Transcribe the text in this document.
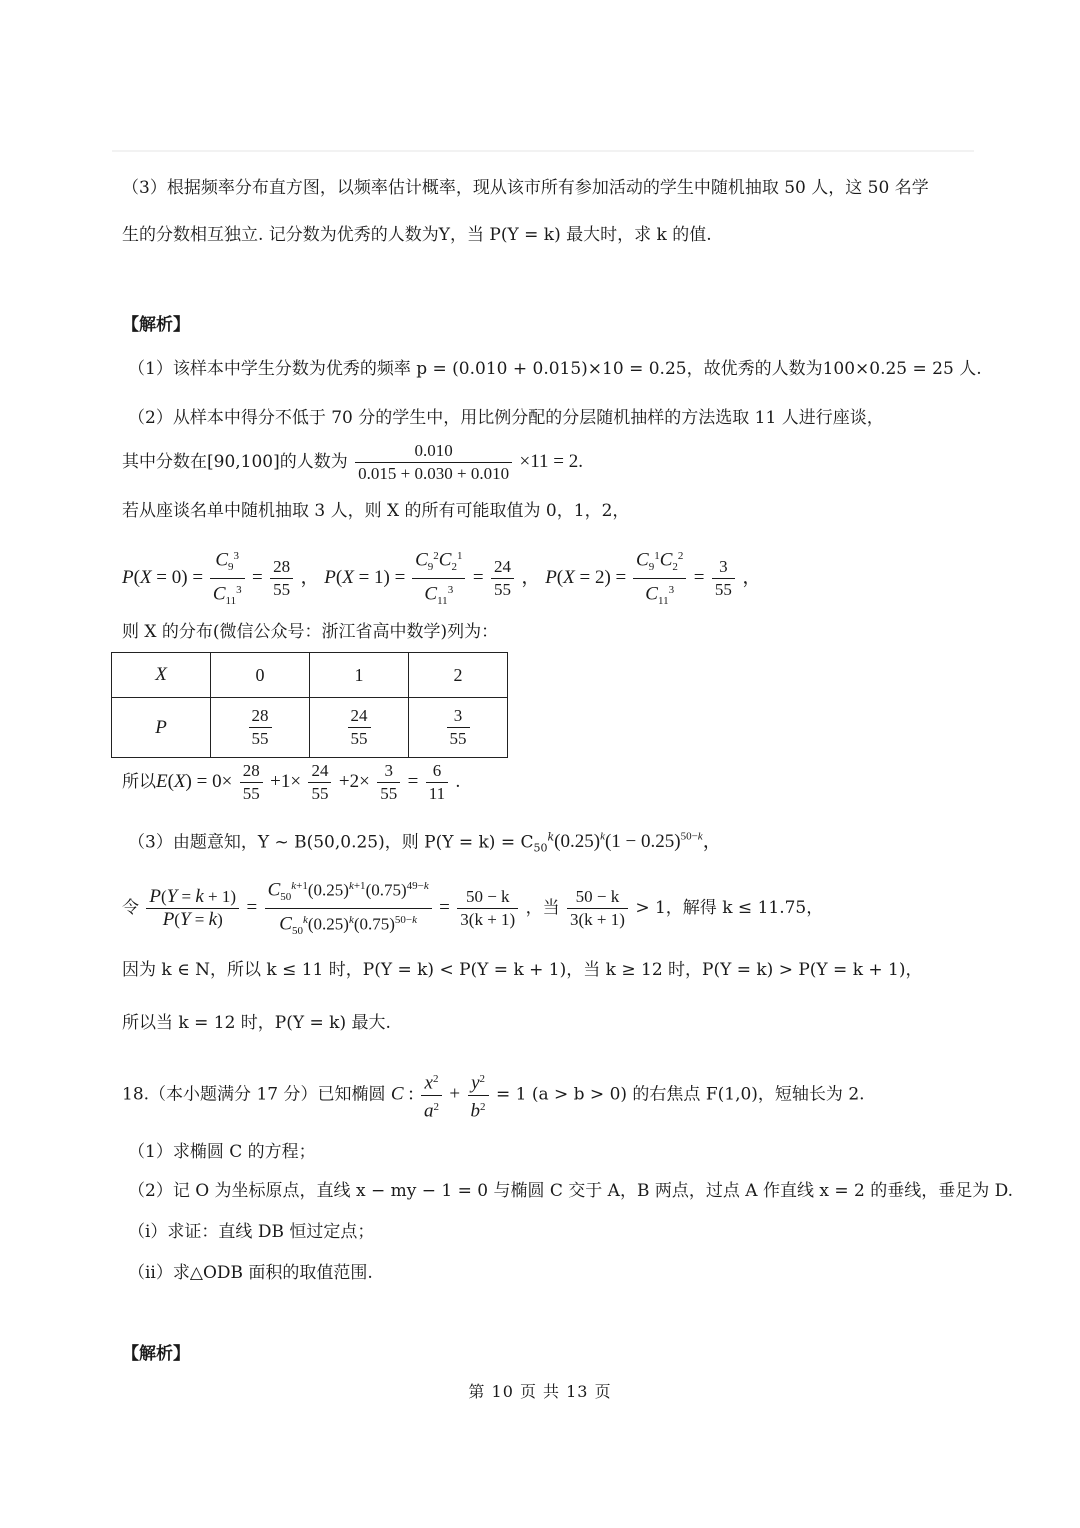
（3）根据频率分布直方图，以频率估计概率，现从该市所有参加活动的学生中随机抽取 50 人，这 50 名学
生的分数相互独立. 记分数为优秀的人数为Y，当 P(Y = k) 最大时，求 k 的值.
【解析】
（1）该样本中学生分数为优秀的频率 p = (0.010 + 0.015)×10 = 0.25，故优秀的人数为100×0.25 = 25 人.
（2）从样本中得分不低于 70 分的学生中，用比例分配的分层随机抽样的方法选取 11 人进行座谈，
其中分数在[90,100]的人数为 $\frac{0.010}{0.015 + 0.030 + 0.010} \times 11 = 2$.
若从座谈名单中随机抽取 3 人，则 X 的所有可能取值为 0，1，2，
$P(X = 0) = \frac{C_9^3}{C_{11}^3} = \frac{28}{55}$ ， $P(X = 1) = \frac{C_9^2C_2^1}{C_{11}^3} = \frac{24}{55}$ ， $P(X = 2) = \frac{C_9^1C_2^2}{C_{11}^3} = \frac{3}{55}$ ，
则 X 的分布(微信公众号：浙江省高中数学)列为：
X	0	1	2
P	$\frac{28}{55}$	$\frac{24}{55}$	$\frac{3}{55}$
所以$E(X) = 0\times \frac{28}{55} +1\times \frac{24}{55} +2\times \frac{3}{55} = \frac{6}{11}$ .
（3）由题意知，Y ~ B(50,0.25)，则 $P(Y = k) = C_{50}^k(0.25)^k(1 - 0.25)^{50-k}$，
令 $\frac{P(Y = k + 1)}{P(Y = k)} = \frac{C_{50}^{k+1}(0.25)^{k+1}(0.75)^{49-k}}{C_{50}^k(0.25)^k(0.75)^{50-k}} = \frac{50 - k}{3(k + 1)}$ ，当 $\frac{50 - k}{3(k + 1)} > 1$，解得 k ≤ 11.75，
因为 k ∈ N，所以 k ≤ 11 时，P(Y = k) < P(Y = k + 1)，当 k ≥ 12 时，P(Y = k) > P(Y = k + 1)，
所以当 k = 12 时，P(Y = k) 最大.
18.（本小题满分 17 分）已知椭圆 C : $\frac{x^2}{a^2} + \frac{y^2}{b^2} = 1$ (a > b > 0) 的右焦点 F(1,0)，短轴长为 2.
（1）求椭圆 C 的方程；
（2）记 O 为坐标原点，直线 x − my − 1 = 0 与椭圆 C 交于 A，B 两点，过点 A 作直线 x = 2 的垂线，垂足为 D.
（i）求证：直线 DB 恒过定点；
（ii）求△ODB 面积的取值范围.
【解析】
第 10 页 共 13 页
